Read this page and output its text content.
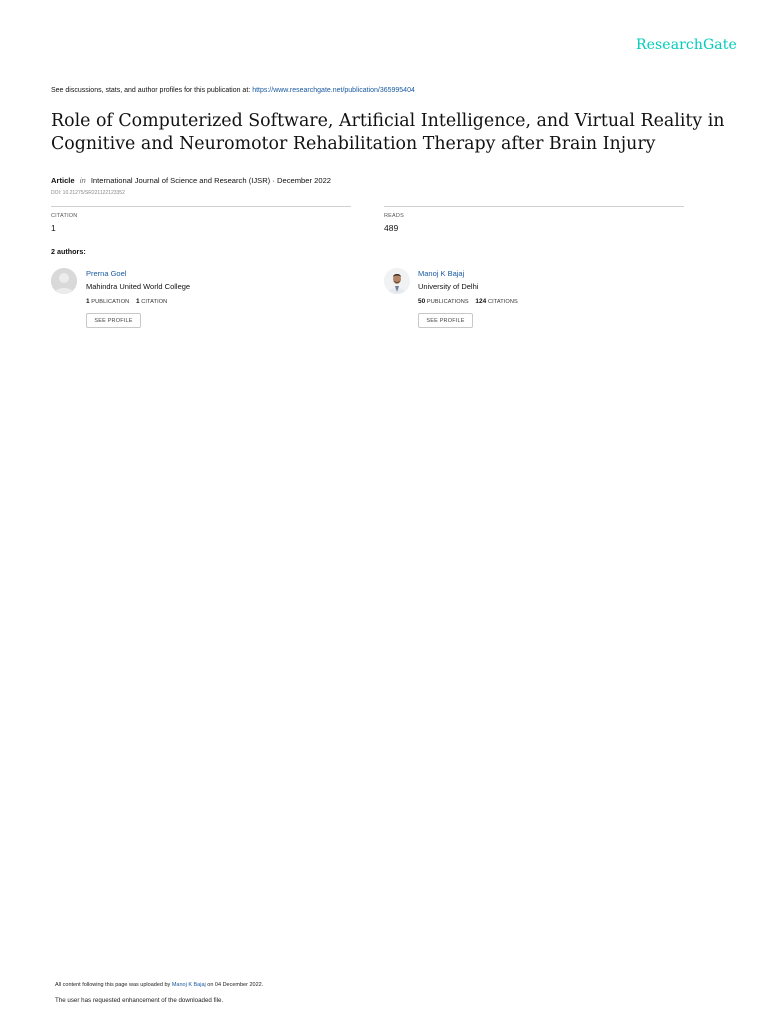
ResearchGate
See discussions, stats, and author profiles for this publication at: https://www.researchgate.net/publication/365995404
Role of Computerized Software, Artificial Intelligence, and Virtual Reality in Cognitive and Neuromotor Rehabilitation Therapy after Brain Injury
Article in International Journal of Science and Research (IJSR) · December 2022
DOI: 10.21275/SR221122123352
CITATION
1
READS
489
2 authors:
Prerna Goel
Mahindra United World College
1 PUBLICATION 1 CITATION
SEE PROFILE
Manoj K Bajaj
University of Delhi
50 PUBLICATIONS 124 CITATIONS
SEE PROFILE
All content following this page was uploaded by Manoj K Bajaj on 04 December 2022.
The user has requested enhancement of the downloaded file.
